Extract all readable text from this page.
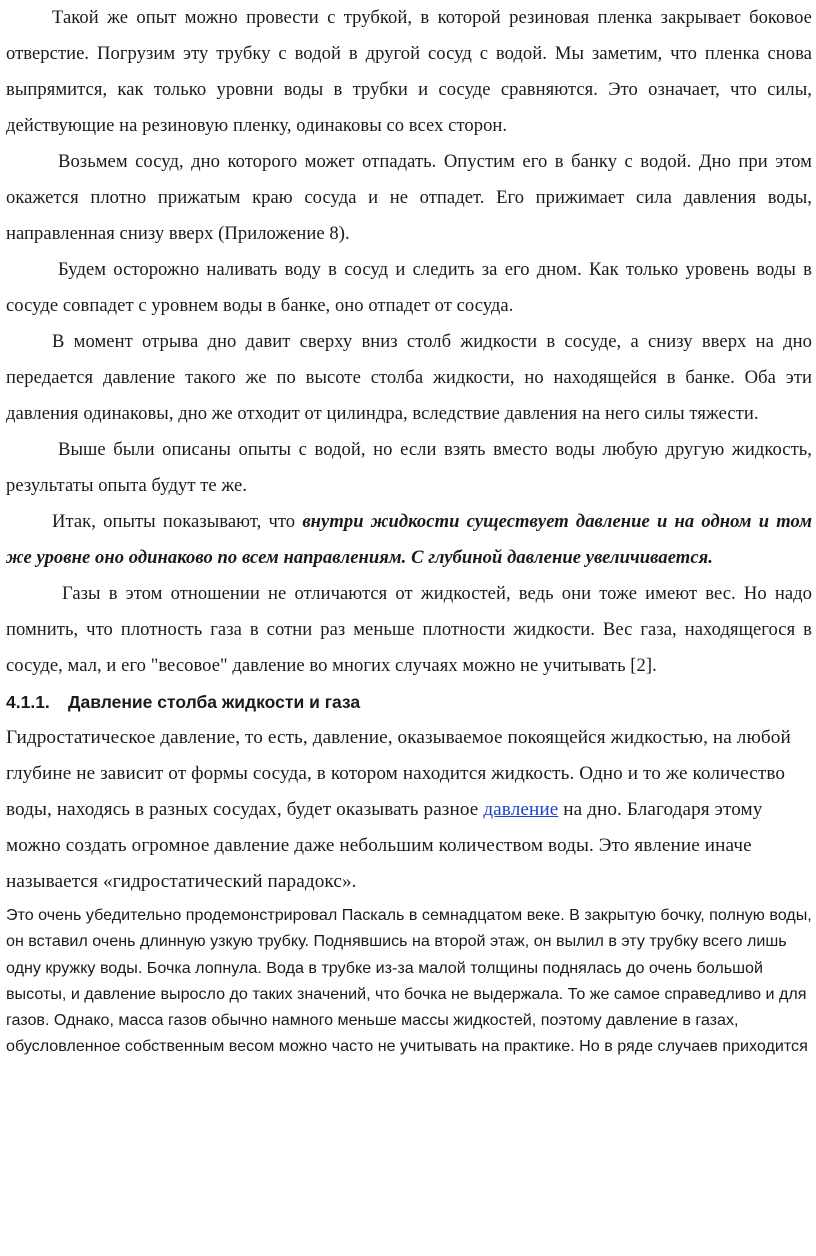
Такой же опыт можно провести с трубкой, в которой резиновая пленка закрывает боковое отверстие. Погрузим эту трубку с водой в другой сосуд с водой. Мы заметим, что пленка снова выпрямится, как только уровни воды в трубки и сосуде сравняются. Это означает, что силы, действующие на резиновую пленку, одинаковы со всех сторон.

Возьмем сосуд, дно которого может отпадать. Опустим его в банку с водой. Дно при этом окажется плотно прижатым краю сосуда и не отпадет. Его прижимает сила давления воды, направленная снизу вверх (Приложение 8).

Будем осторожно наливать воду в сосуд и следить за его дном. Как только уровень воды в сосуде совпадет с уровнем воды в банке, оно отпадет от сосуда.

В момент отрыва дно давит сверху вниз столб жидкости в сосуде, а снизу вверх на дно передается давление такого же по высоте столба жидкости, но находящейся в банке. Оба эти давления одинаковы, дно же отходит от цилиндра, вследствие давления на него силы тяжести.

Выше были описаны опыты с водой, но если взять вместо воды любую другую жидкость, результаты опыта будут те же.

Итак, опыты показывают, что внутри жидкости существует давление и на одном и том же уровне оно одинаково по всем направлениям. С глубиной давление увеличивается.

Газы в этом отношении не отличаются от жидкостей, ведь они тоже имеют вес. Но надо помнить, что плотность газа в сотни раз меньше плотности жидкости. Вес газа, находящегося в сосуде, мал, и его "весовое" давление во многих случаях можно не учитывать [2].

4.1.1. Давление столба жидкости и газа

Гидростатическое давление, то есть, давление, оказываемое покоящейся жидкостью, на любой глубине не зависит от формы сосуда, в котором находится жидкость. Одно и то же количество воды, находясь в разных сосудах, будет оказывать разное давление на дно. Благодаря этому можно создать огромное давление даже небольшим количеством воды. Это явление иначе называется «гидростатический парадокс».

Это очень убедительно продемонстрировал Паскаль в семнадцатом веке. В закрытую бочку, полную воды, он вставил очень длинную узкую трубку. Поднявшись на второй этаж, он вылил в эту трубку всего лишь одну кружку воды. Бочка лопнула. Вода в трубке из-за малой толщины поднялась до очень большой высоты, и давление выросло до таких значений, что бочка не выдержала. То же самое справедливо и для газов. Однако, масса газов обычно намного меньше массы жидкостей, поэтому давление в газах, обусловленное собственным весом можно часто не учитывать на практике. Но в ряде случаев приходится
